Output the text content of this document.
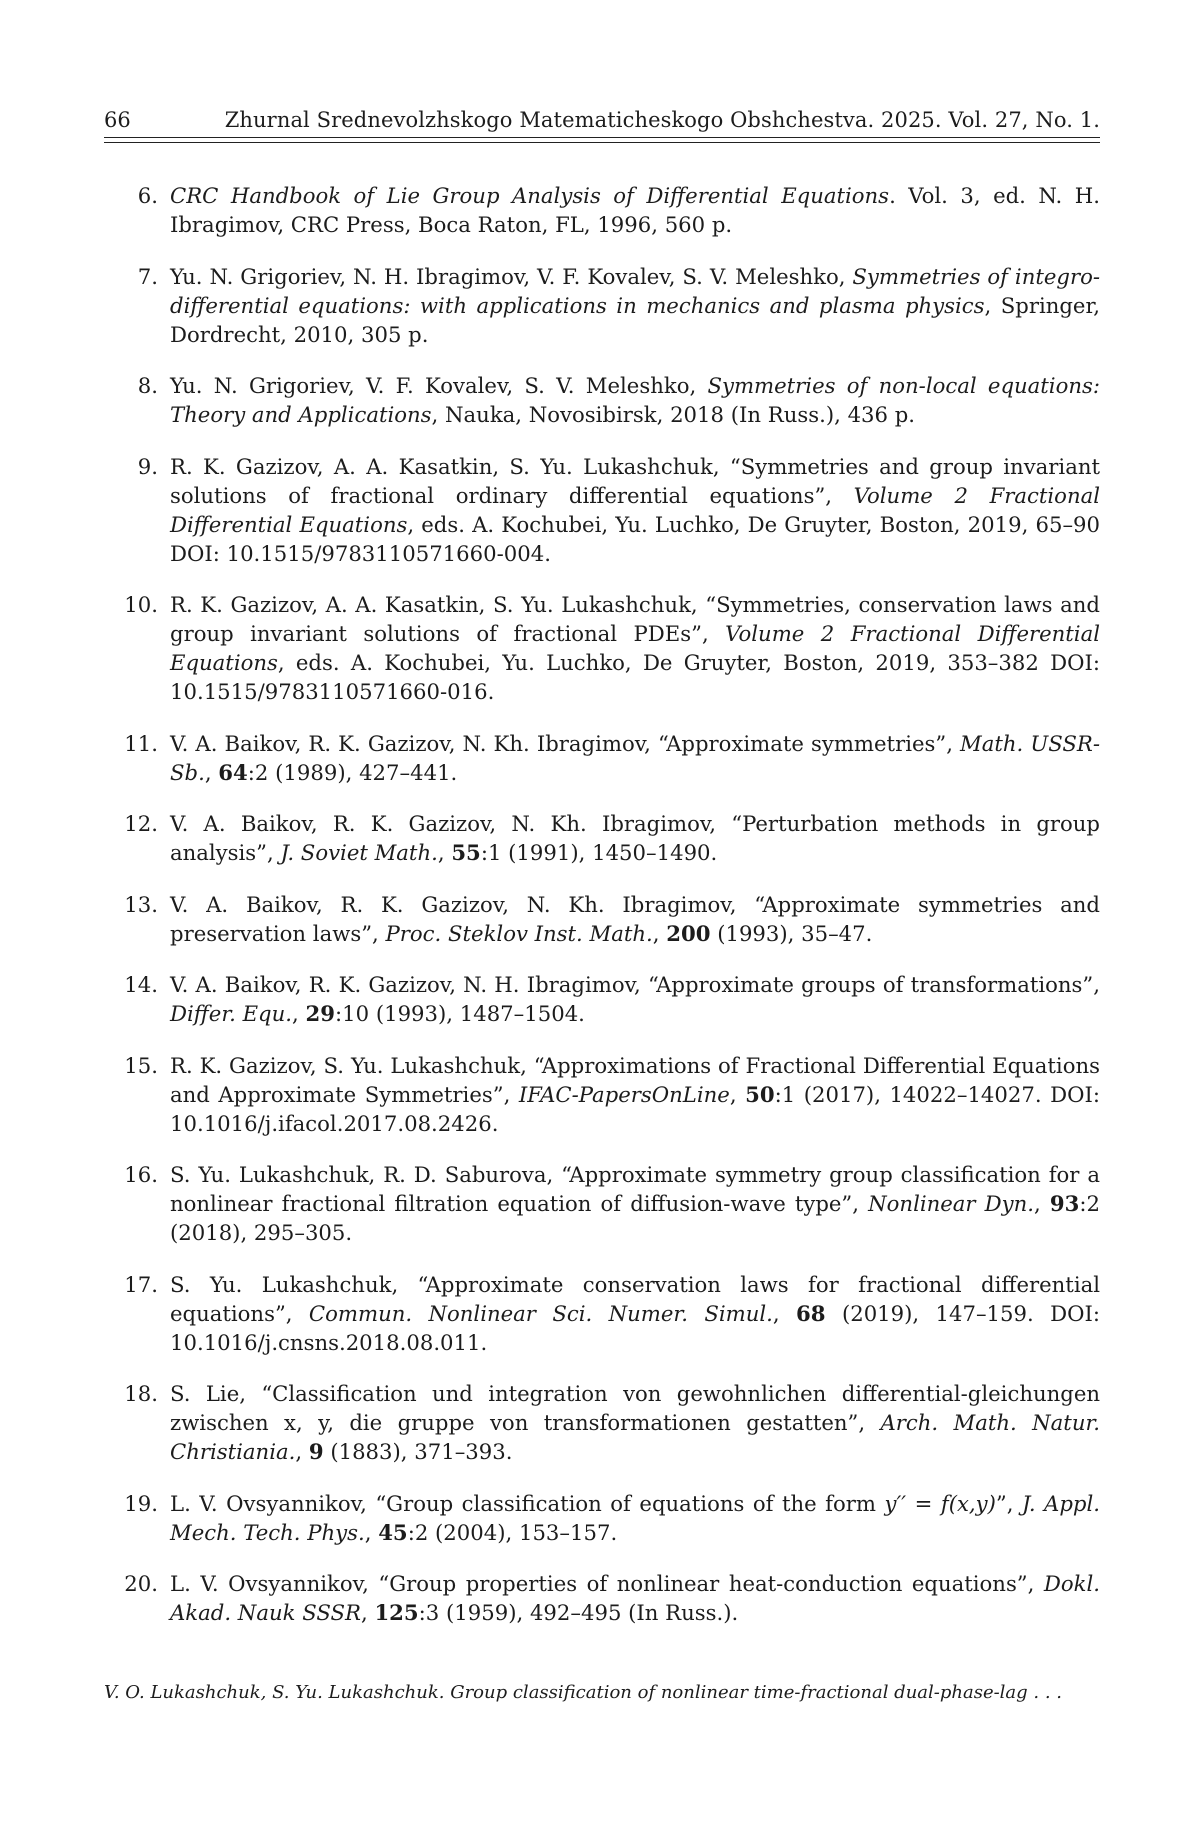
66	Zhurnal Srednevolzhskogo Matematicheskogo Obshchestva. 2025. Vol. 27, No. 1.
6. CRC Handbook of Lie Group Analysis of Differential Equations. Vol. 3, ed. N. H. Ibragimov, CRC Press, Boca Raton, FL, 1996, 560 p.
7. Yu. N. Grigoriev, N. H. Ibragimov, V. F. Kovalev, S. V. Meleshko, Symmetries of integro-differential equations: with applications in mechanics and plasma physics, Springer, Dordrecht, 2010, 305 p.
8. Yu. N. Grigoriev, V. F. Kovalev, S. V. Meleshko, Symmetries of non-local equations: Theory and Applications, Nauka, Novosibirsk, 2018 (In Russ.), 436 p.
9. R. K. Gazizov, A. A. Kasatkin, S. Yu. Lukashchuk, “Symmetries and group invariant solutions of fractional ordinary differential equations”, Volume 2 Fractional Differential Equations, eds. A. Kochubei, Yu. Luchko, De Gruyter, Boston, 2019, 65–90 DOI: 10.1515/9783110571660-004.
10. R. K. Gazizov, A. A. Kasatkin, S. Yu. Lukashchuk, “Symmetries, conservation laws and group invariant solutions of fractional PDEs”, Volume 2 Fractional Differential Equations, eds. A. Kochubei, Yu. Luchko, De Gruyter, Boston, 2019, 353–382 DOI: 10.1515/9783110571660-016.
11. V. A. Baikov, R. K. Gazizov, N. Kh. Ibragimov, “Approximate symmetries”, Math. USSR-Sb., 64:2 (1989), 427–441.
12. V. A. Baikov, R. K. Gazizov, N. Kh. Ibragimov, “Perturbation methods in group analysis”, J. Soviet Math., 55:1 (1991), 1450–1490.
13. V. A. Baikov, R. K. Gazizov, N. Kh. Ibragimov, “Approximate symmetries and preservation laws”, Proc. Steklov Inst. Math., 200 (1993), 35–47.
14. V. A. Baikov, R. K. Gazizov, N. H. Ibragimov, “Approximate groups of transformations”, Differ. Equ., 29:10 (1993), 1487–1504.
15. R. K. Gazizov, S. Yu. Lukashchuk, “Approximations of Fractional Differential Equations and Approximate Symmetries”, IFAC-PapersOnLine, 50:1 (2017), 14022–14027. DOI: 10.1016/j.ifacol.2017.08.2426.
16. S. Yu. Lukashchuk, R. D. Saburova, “Approximate symmetry group classification for a nonlinear fractional filtration equation of diffusion-wave type”, Nonlinear Dyn., 93:2 (2018), 295–305.
17. S. Yu. Lukashchuk, “Approximate conservation laws for fractional differential equations”, Commun. Nonlinear Sci. Numer. Simul., 68 (2019), 147–159. DOI: 10.1016/j.cnsns.2018.08.011.
18. S. Lie, “Classification und integration von gewohnlichen differential-gleichungen zwischen x, y, die gruppe von transformationen gestatten”, Arch. Math. Natur. Christiania., 9 (1883), 371–393.
19. L. V. Ovsyannikov, “Group classification of equations of the form y′′ = f(x,y)”, J. Appl. Mech. Tech. Phys., 45:2 (2004), 153–157.
20. L. V. Ovsyannikov, “Group properties of nonlinear heat-conduction equations”, Dokl. Akad. Nauk SSSR, 125:3 (1959), 492–495 (In Russ.).
V. O. Lukashchuk, S. Yu. Lukashchuk. Group classification of nonlinear time-fractional dual-phase-lag . . .
